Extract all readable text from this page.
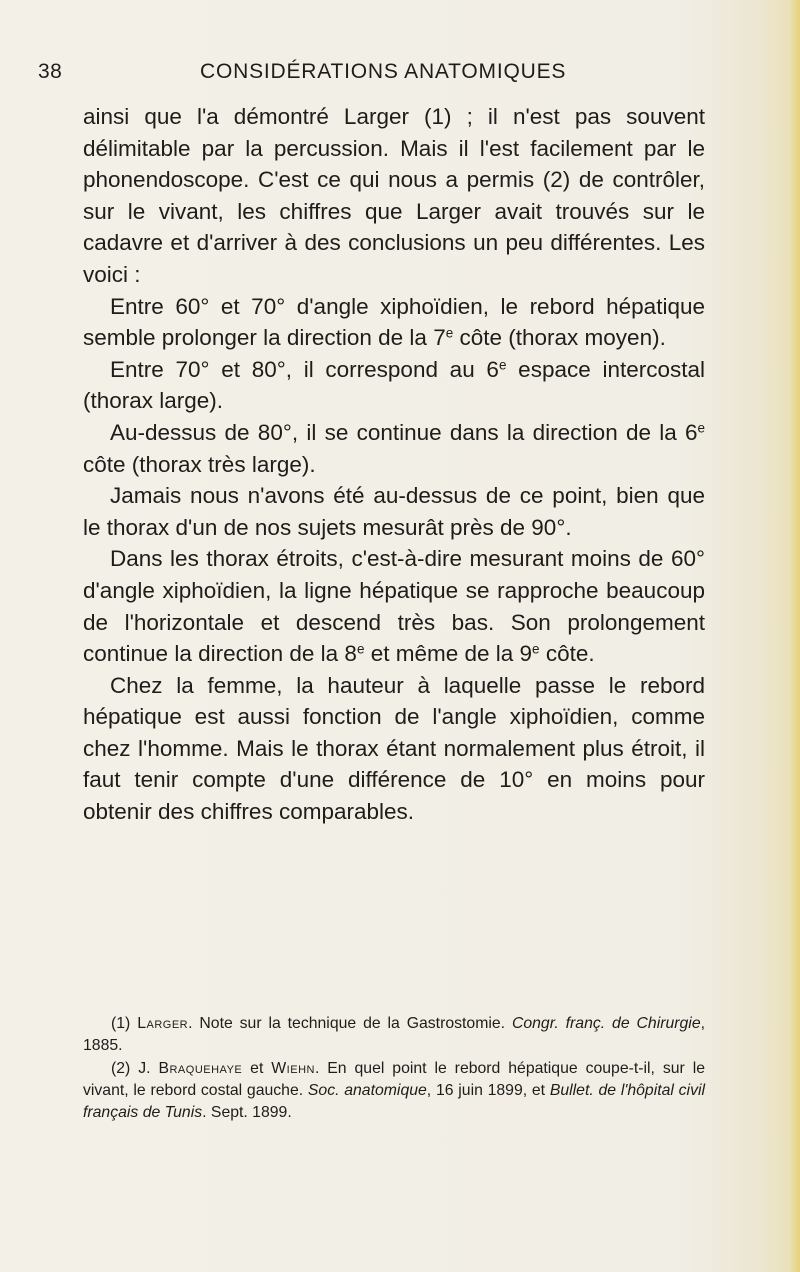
38	CONSIDÉRATIONS ANATOMIQUES

ainsi que l'a démontré Larger (1) ; il n'est pas souvent délimitable par la percussion. Mais il l'est facilement par le phonendoscope. C'est ce qui nous a permis (2) de contrôler, sur le vivant, les chiffres que Larger avait trouvés sur le cadavre et d'arriver à des conclusions un peu différentes. Les voici :

Entre 60° et 70° d'angle xiphoïdien, le rebord hépatique semble prolonger la direction de la 7e côte (thorax moyen).

Entre 70° et 80°, il correspond au 6e espace intercostal (thorax large).

Au-dessus de 80°, il se continue dans la direction de la 6e côte (thorax très large).

Jamais nous n'avons été au-dessus de ce point, bien que le thorax d'un de nos sujets mesurât près de 90°.

Dans les thorax étroits, c'est-à-dire mesurant moins de 60° d'angle xiphoïdien, la ligne hépatique se rapproche beaucoup de l'horizontale et descend très bas. Son prolongement continue la direction de la 8e et même de la 9e côte.

Chez la femme, la hauteur à laquelle passe le rebord hépatique est aussi fonction de l'angle xiphoïdien, comme chez l'homme. Mais le thorax étant normalement plus étroit, il faut tenir compte d'une différence de 10° en moins pour obtenir des chiffres comparables.

(1) Larger. Note sur la technique de la Gastrostomie. Congr. franç. de Chirurgie, 1885.

(2) J. Braquehaye et Wiehn. En quel point le rebord hépatique coupe-t-il, sur le vivant, le rebord costal gauche. Soc. anatomique, 16 juin 1899, et Bullet. de l'hôpital civil français de Tunis. Sept. 1899.
